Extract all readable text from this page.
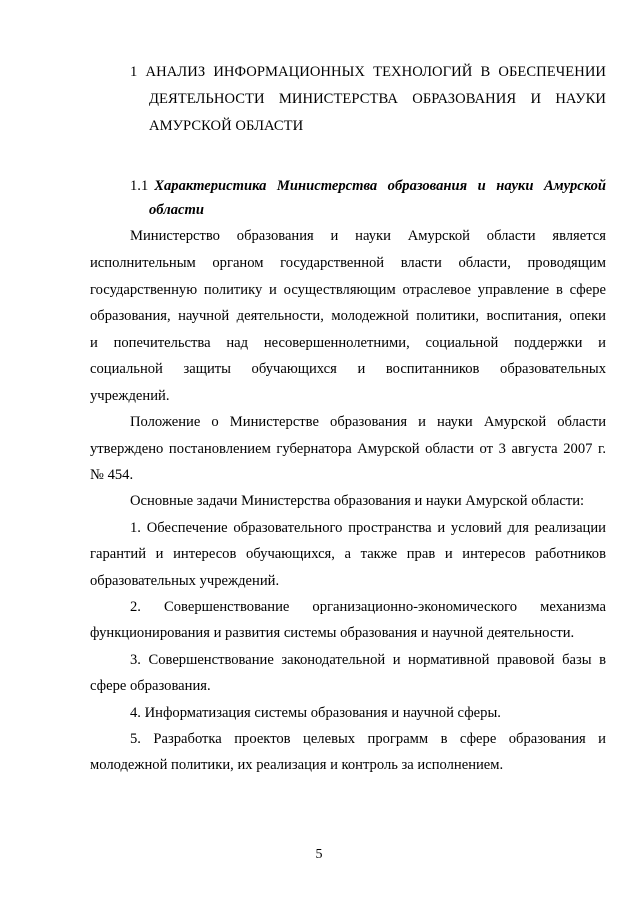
1 АНАЛИЗ ИНФОРМАЦИОННЫХ ТЕХНОЛОГИЙ В ОБЕСПЕЧЕНИИ
ДЕЯТЕЛЬНОСТИ МИНИСТЕРСТВА ОБРАЗОВАНИЯ И НАУКИ
АМУРСКОЙ ОБЛАСТИ
1.1 Характеристика Министерства образования и науки Амурской
области
Министерство образования и науки Амурской области является
исполнительным органом государственной власти области, проводящим
государственную политику и осуществляющим отраслевое управление в сфере
образования, научной деятельности, молодежной политики, воспитания, опеки
и попечительства над несовершеннолетними, социальной поддержки и
социальной защиты обучающихся и воспитанников образовательных
учреждений.
Положение о Министерстве образования и науки Амурской области
утверждено постановлением губернатора Амурской области от 3 августа 2007 г.
№ 454.
Основные задачи Министерства образования и науки Амурской области:
1. Обеспечение образовательного пространства и условий для реализации
гарантий и интересов обучающихся, а также прав и интересов работников
образовательных учреждений.
2. Совершенствование организационно-экономического механизма
функционирования и развития системы образования и научной деятельности.
3. Совершенствование законодательной и нормативной правовой базы в
сфере образования.
4. Информатизация системы образования и научной сферы.
5. Разработка проектов целевых программ в сфере образования и
молодежной политики, их реализация и контроль за исполнением.
5
